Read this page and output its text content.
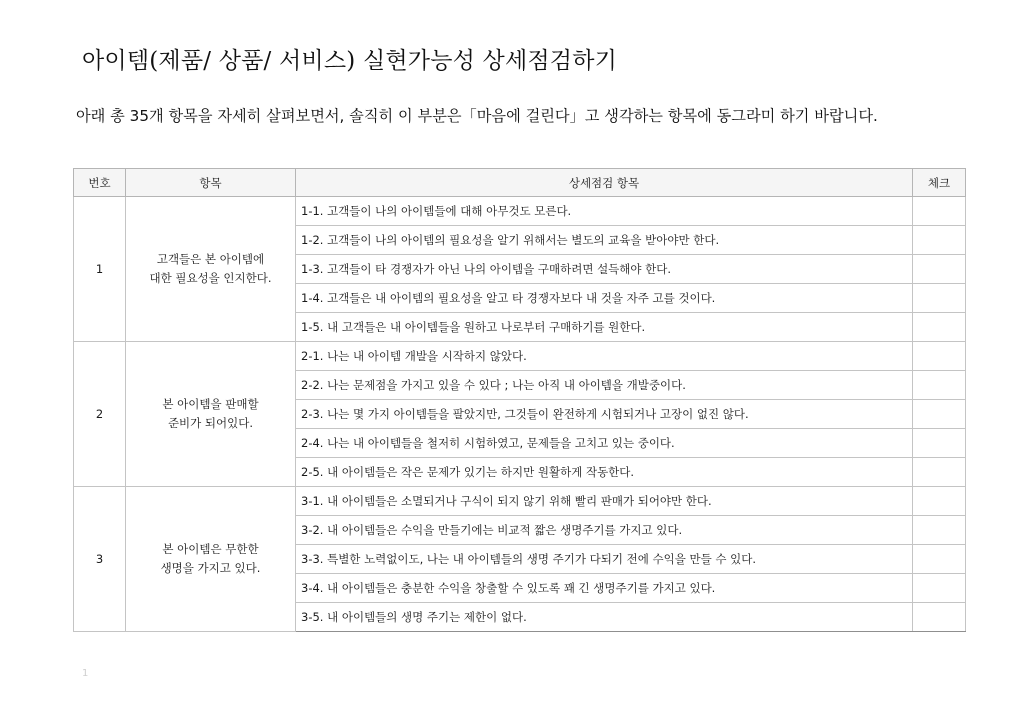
아이템(제품/ 상품/ 서비스) 실현가능성 상세점검하기
아래 총 35개 항목을 자세히 살펴보면서, 솔직히 이 부분은「마음에 걸린다」고 생각하는 항목에 동그라미 하기 바랍니다.
번호	항목	상세점검 항목	체크
1	고객들은 본 아이템에
대한 필요성을 인지한다.	1-1. 고객들이 나의 아이템들에 대해 아무것도 모른다.	
		1-2. 고객들이 나의 아이템의 필요성을 알기 위해서는 별도의 교육을 받아야만 한다.	
		1-3. 고객들이 타 경쟁자가 아닌 나의 아이템을 구매하려면 설득해야 한다.	
		1-4. 고객들은 내 아이템의 필요성을 알고 타 경쟁자보다 내 것을 자주 고를 것이다.	
		1-5. 내 고객들은 내 아이템들을 원하고 나로부터 구매하기를 원한다.	
2	본 아이템을 판매할
준비가 되어있다.	2-1. 나는 내 아이템 개발을 시작하지 않았다.	
		2-2. 나는 문제점을 가지고 있을 수 있다 ; 나는 아직 내 아이템을 개발중이다.	
		2-3. 나는 몇 가지 아이템들을 팔았지만, 그것들이 완전하게 시험되거나 고장이 없진 않다.	
		2-4. 나는 내 아이템들을 철저히 시험하였고, 문제들을 고치고 있는 중이다.	
		2-5. 내 아이템들은 작은 문제가 있기는 하지만 원활하게 작동한다.	
3	본 아이템은 무한한
생명을 가지고 있다.	3-1. 내 아이템들은 소멸되거나 구식이 되지 않기 위해 빨리 판매가 되어야만 한다.	
		3-2. 내 아이템들은 수익을 만들기에는 비교적 짧은 생명주기를 가지고 있다.	
		3-3. 특별한 노력없이도, 나는 내 아이템들의 생명 주기가 다되기 전에 수익을 만들 수 있다.	
		3-4. 내 아이템들은 충분한 수익을 창출할 수 있도록 꽤 긴 생명주기를 가지고 있다.	
		3-5. 내 아이템들의 생명 주기는 제한이 없다.	
1
